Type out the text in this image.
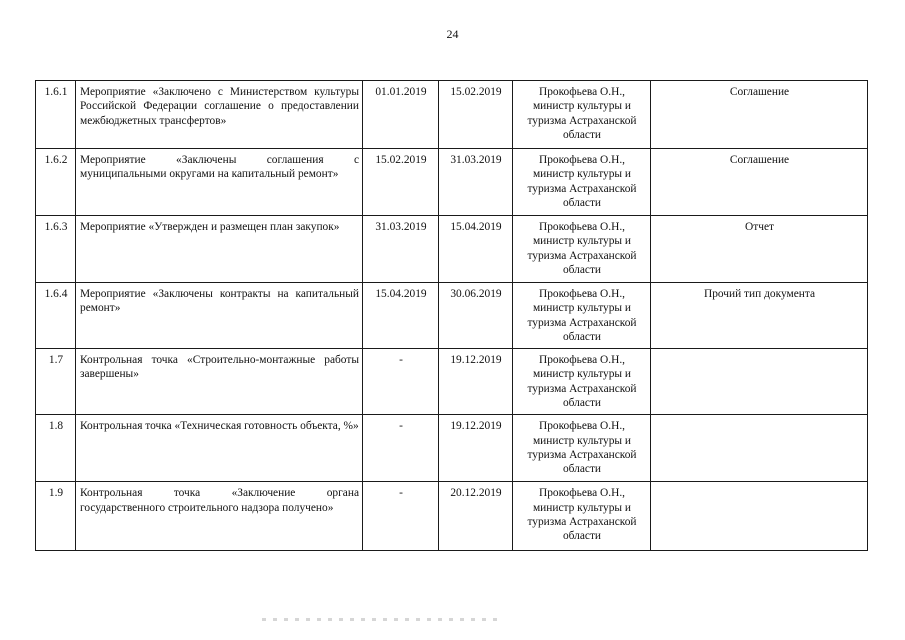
24
1.6.1	Мероприятие «Заключено с Министерством культуры Российской Федерации соглашение о предоставлении межбюджетных трансфертов»	01.01.2019	15.02.2019	Прокофьева О.Н., министр культуры и туризма Астраханской области	Соглашение
1.6.2	Мероприятие «Заключены соглашения с муниципальными округами на капитальный ремонт»	15.02.2019	31.03.2019	Прокофьева О.Н., министр культуры и туризма Астраханской области	Соглашение
1.6.3	Мероприятие «Утвержден и размещен план закупок»	31.03.2019	15.04.2019	Прокофьева О.Н., министр культуры и туризма Астраханской области	Отчет
1.6.4	Мероприятие «Заключены контракты на капитальный ремонт»	15.04.2019	30.06.2019	Прокофьева О.Н., министр культуры и туризма Астраханской области	Прочий тип документа
1.7	Контрольная точка «Строительно-монтажные работы завершены»	-	19.12.2019	Прокофьева О.Н., министр культуры и туризма Астраханской области	
1.8	Контрольная точка «Техническая готовность объекта, %»	-	19.12.2019	Прокофьева О.Н., министр культуры и туризма Астраханской области	
1.9	Контрольная точка «Заключение органа государственного строительного надзора получено»	-	20.12.2019	Прокофьева О.Н., министр культуры и туризма Астраханской области	
